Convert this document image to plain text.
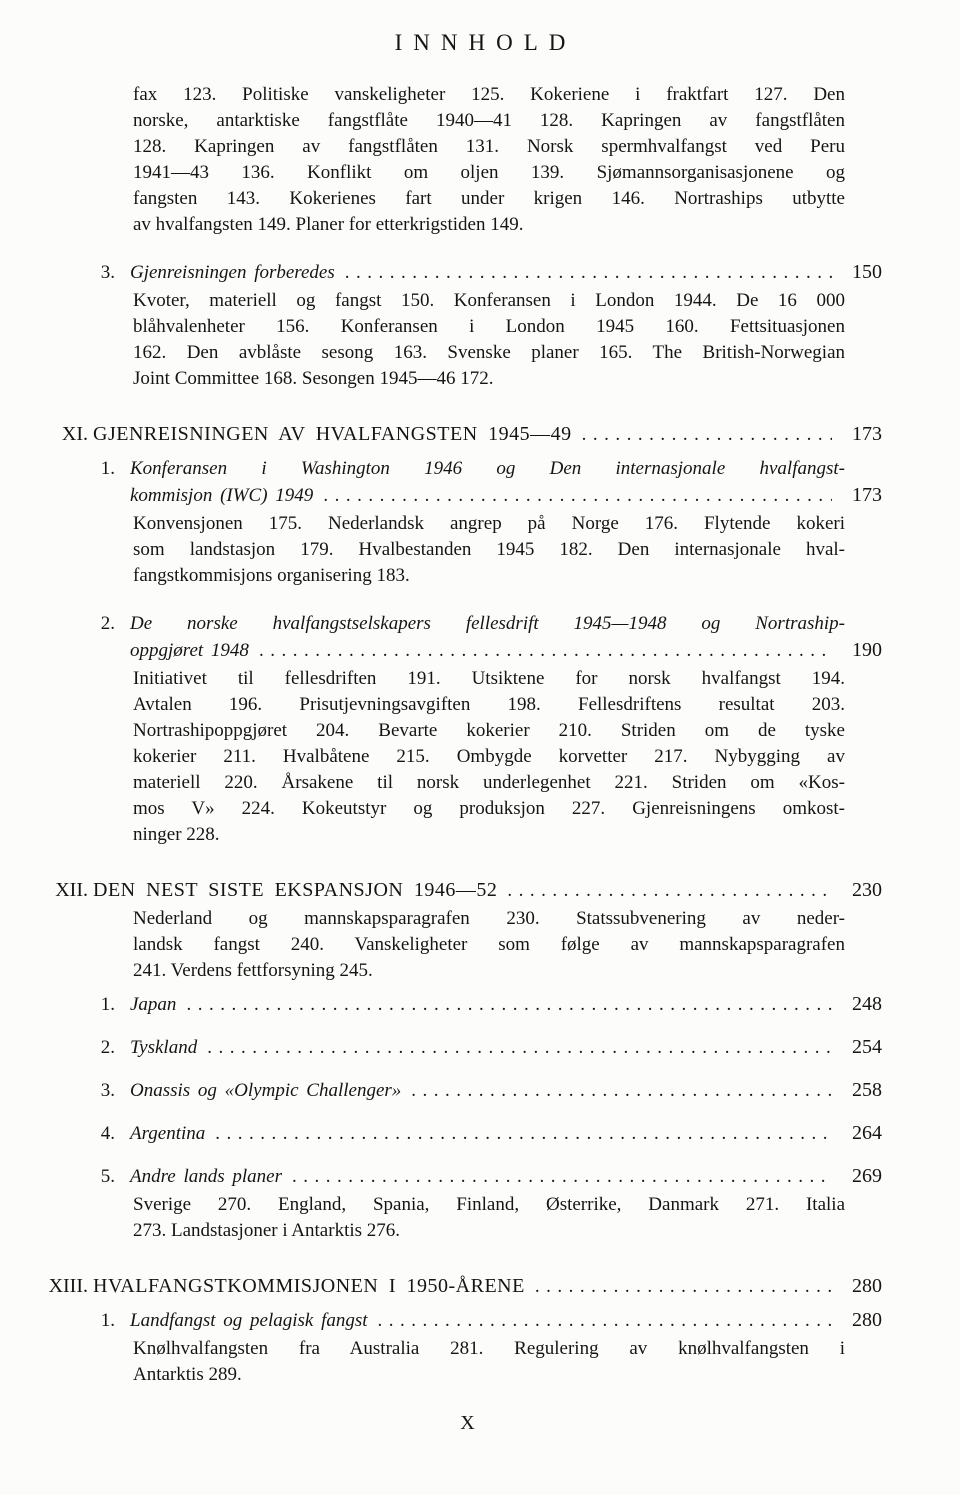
INNHOLD
fax 123. Politiske vanskeligheter 125. Kokeriene i fraktfart 127. Den
norske, antarktiske fangstflåte 1940—41 128. Kapringen av fangstflåten
128. Kapringen av fangstflåten 131. Norsk spermhvalfangst ved Peru
1941—43 136. Konflikt om oljen 139. Sjømannsorganisasjonene og
fangsten 143. Kokerienes fart under krigen 146. Nortraships utbytte
av hvalfangsten 149. Planer for etterkrigstiden 149.
3. Gjenreisningen forberedes .....	150
Kvoter, materiell og fangst 150. Konferansen i London 1944. De 16 000
blåhvalenheter 156. Konferansen i London 1945 160. Fettsituasjonen
162. Den avblåste sesong 163. Svenske planer 165. The British-Norwegian
Joint Committee 168. Sesongen 1945—46 172.
XI. GJENREISNINGEN AV HVALFANGSTEN 1945—49 .....	173
1. Konferansen i Washington 1946 og Den internasjonale hvalfangst-
kommisjon (IWC) 1949 .....	173
Konvensjonen 175. Nederlandsk angrep på Norge 176. Flytende kokeri
som landstasjon 179. Hvalbestanden 1945 182. Den internasjonale hval-
fangstkommisjons organisering 183.
2. De norske hvalfangstselskapers fellesdrift 1945—1948 og Nortraship-
oppgjøret 1948 .....	190
Initiativet til fellesdriften 191. Utsiktene for norsk hvalfangst 194.
Avtalen 196. Prisutjevningsavgiften 198. Fellesdriftens resultat 203.
Nortrashipoppgjøret 204. Bevarte kokerier 210. Striden om de tyske
kokerier 211. Hvalbåtene 215. Ombygde korvetter 217. Nybygging av
materiell 220. Årsakene til norsk underlegenhet 221. Striden om «Kos-
mos V» 224. Kokeutstyr og produksjon 227. Gjenreisningens omkost-
ninger 228.
XII. DEN NEST SISTE EKSPANSJON 1946—52 .....	230
Nederland og mannskapsparagrafen 230. Statssubvenering av neder-
landsk fangst 240. Vanskeligheter som følge av mannskapsparagrafen
241. Verdens fettforsyning 245.
1. Japan .....	248
2. Tyskland .....	254
3. Onassis og «Olympic Challenger» .....	258
4. Argentina .....	264
5. Andre lands planer .....	269
Sverige 270. England, Spania, Finland, Østerrike, Danmark 271. Italia
273. Landstasjoner i Antarktis 276.
XIII. HVALFANGSTKOMMISJONEN I 1950-ÅRENE .....	280
1. Landfangst og pelagisk fangst .....	280
Knølhvalfangsten fra Australia 281. Regulering av knølhvalfangsten i
Antarktis 289.
X
